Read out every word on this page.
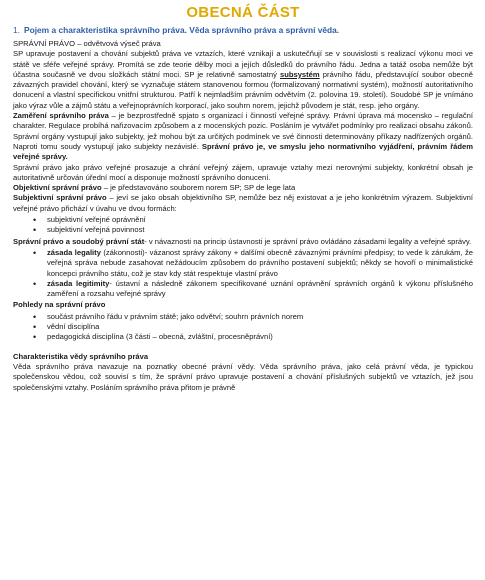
OBECNÁ ČÁST
1. Pojem a charakteristika správního práva. Věda správního práva a správní věda.

SPRÁVNÍ PRÁVO – odvětvová výseč práva

SP upravuje postavení a chování subjektů práva ve vztazích, které vznikají a uskutečňují se v souvislosti s realizací výkonu moci ve státě ve sféře veřejné správy. Promítá se zde teorie dělby moci a jejích důsledků do právního řádu. Jedna a tatáž osoba nemůže být účastna současně ve dvou složkách státní moci. SP je relativně samostatný subsystém právního řádu, představující soubor obecně závazných pravidel chování, který se vyznačuje státem stanovenou formou (formalizovaný normativní systém), možností autoritativního donucení a vlastní specifickou vnitřní strukturou. Patří k nejmladším právním odvětvím (2. polovina 19. století). Soudobé SP je vnímáno jako výraz vůle a zájmů státu a veřejnoprávních korporací, jako souhrn norem, jejichž původem je stát, resp. jeho orgány.

Zaměření správního práva – je bezprostředně spjato s organizací i činností veřejné správy. Právní úprava má mocensko – regulační charakter. Regulace probíhá nařizovacím způsobem a z mocenských pozic. Posláním je vytvářet podmínky pro realizaci obsahu zákonů. Správní orgány vystupují jako subjekty, jež mohou být za určitých podmínek ve své činnosti determinovány příkazy nadřízených orgánů. Naproti tomu soudy vystupují jako subjekty nezávislé. Správní právo je, ve smyslu jeho normativního vyjádření, právním řádem veřejné správy.

Správní právo jako právo veřejné prosazuje a chrání veřejný zájem, upravuje vztahy mezi nerovnými subjekty, konkrétní obsah je autoritativně určován úřední mocí a disponuje možností správního donucení.

Objektivní správní právo – je představováno souborem norem SP; SP de lege lata

Subjektivní správní právo – jeví se jako obsah objektivního SP, nemůže bez něj existovat a je jeho konkrétním výrazem. Subjektivní veřejné právo přichází v úvahu ve dvou formách:

• subjektivní veřejné oprávnění
• subjektivní veřejná povinnost

Správní právo a soudobý právní stát- v návaznosti na princip ústavnosti je správní právo ovládáno zásadami legality a veřejné správy.

• zásada legality (zákonnosti)- vázanost správy zákony + dalšími obecně závaznými právními předpisy; to vede k zárukám, že veřejná správa nebude zasahovat nežádoucím způsobem do právního postavení subjektů; někdy se hovoří o minimalistické koncepci právního státu, což je stav kdy stát respektuje vlastní právo
• zásada legitimity- ústavní a následně zákonem specifikované uznání oprávnění správních orgánů k výkonu příslušného zaměření a rozsahu veřejné správy

Pohledy na správní právo

• součást právního řádu v právním státě; jako odvětví; souhrn právních norem
• vědní disciplína
• pedagogická disciplína (3 části – obecná, zvláštní, procesněprávní)

Charakteristika vědy správního práva

Věda správního práva navazuje na poznatky obecné právní vědy. Věda správního práva, jako celá právní věda, je typickou společenskou vědou, což souvisí s tím, že správní právo upravuje postavení a chování příslušných subjektů ve vztazích, jež jsou společenskými vztahy. Posláním správního práva přitom je právně
